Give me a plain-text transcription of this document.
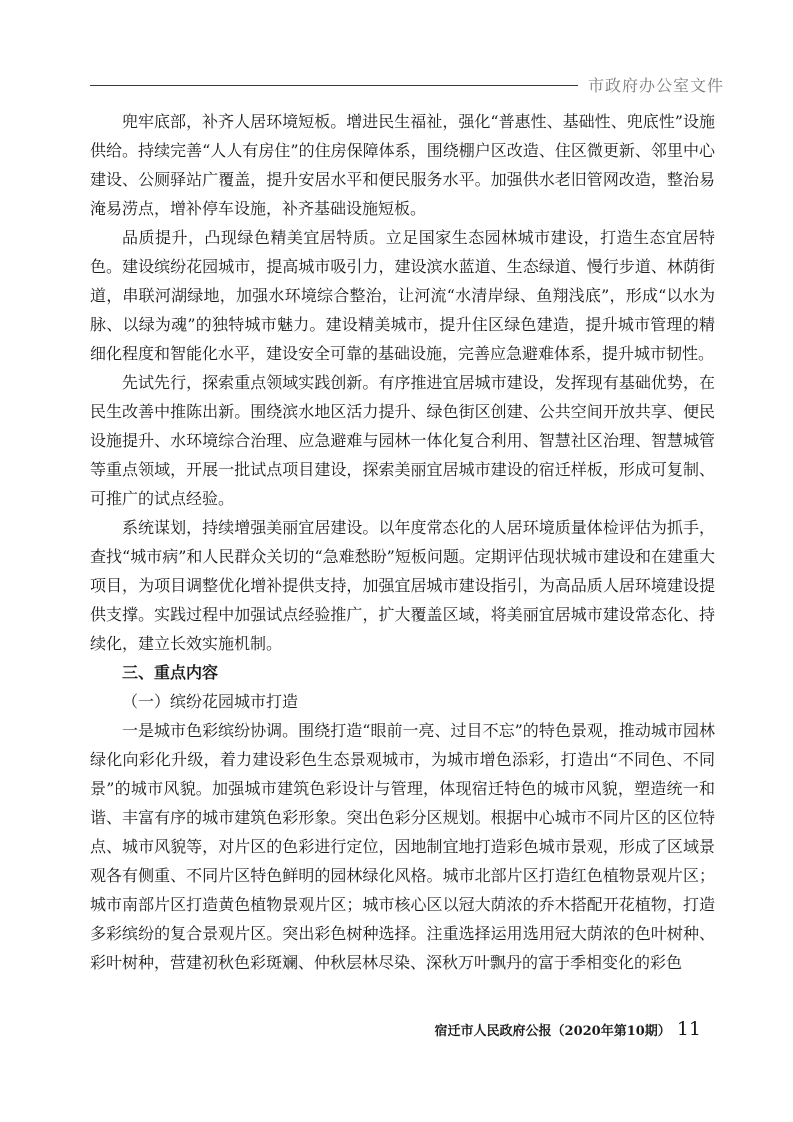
市政府办公室文件

兜牢底部，补齐人居环境短板。增进民生福祉，强化“普惠性、基础性、兜底性”设施供给。持续完善“人人有房住”的住房保障体系，围绕棚户区改造、住区微更新、邻里中心建设、公厕驿站广覆盖，提升安居水平和便民服务水平。加强供水老旧管网改造，整治易淹易涝点，增补停车设施，补齐基础设施短板。

品质提升，凸现绿色精美宜居特质。立足国家生态园林城市建设，打造生态宜居特色。建设缤纷花园城市，提高城市吸引力，建设滨水蓝道、生态绿道、慢行步道、林荫街道，串联河湖绿地，加强水环境综合整治，让河流“水清岸绿、鱼翔浅底”，形成“以水为脉、以绿为魂”的独特城市魅力。建设精美城市，提升住区绿色建造，提升城市管理的精细化程度和智能化水平，建设安全可靠的基础设施，完善应急避难体系，提升城市韧性。

先试先行，探索重点领域实践创新。有序推进宜居城市建设，发挥现有基础优势，在民生改善中推陈出新。围绕滨水地区活力提升、绿色街区创建、公共空间开放共享、便民设施提升、水环境综合治理、应急避难与园林一体化复合利用、智慧社区治理、智慧城管等重点领域，开展一批试点项目建设，探索美丽宜居城市建设的宿迁样板，形成可复制、可推广的试点经验。

系统谋划，持续增强美丽宜居建设。以年度常态化的人居环境质量体检评估为抓手，查找“城市病”和人民群众关切的“急难愁盼”短板问题。定期评估现状城市建设和在建重大项目，为项目调整优化增补提供支持，加强宜居城市建设指引，为高品质人居环境建设提供支撑。实践过程中加强试点经验推广，扩大覆盖区域，将美丽宜居城市建设常态化、持续化，建立长效实施机制。

三、重点内容

（一）缤纷花园城市打造

一是城市色彩缤纷协调。围绕打造“眼前一亮、过目不忘”的特色景观，推动城市园林绿化向彩化升级，着力建设彩色生态景观城市，为城市增色添彩，打造出“不同色、不同景”的城市风貌。加强城市建筑色彩设计与管理，体现宿迁特色的城市风貌，塑造统一和谐、丰富有序的城市建筑色彩形象。突出色彩分区规划。根据中心城市不同片区的区位特点、城市风貌等，对片区的色彩进行定位，因地制宜地打造彩色城市景观，形成了区域景观各有侧重、不同片区特色鲜明的园林绿化风格。城市北部片区打造红色植物景观片区；城市南部片区打造黄色植物景观片区；城市核心区以冠大荫浓的乔木搭配开花植物，打造多彩缤纷的复合景观片区。突出彩色树种选择。注重选择运用选用冠大荫浓的色叶树种、彩叶树种，营建初秋色彩斑斓、仲秋层林尽染、深秋万叶飘丹的富于季相变化的彩色

宿迁市人民政府公报（2020年第10期） 11
